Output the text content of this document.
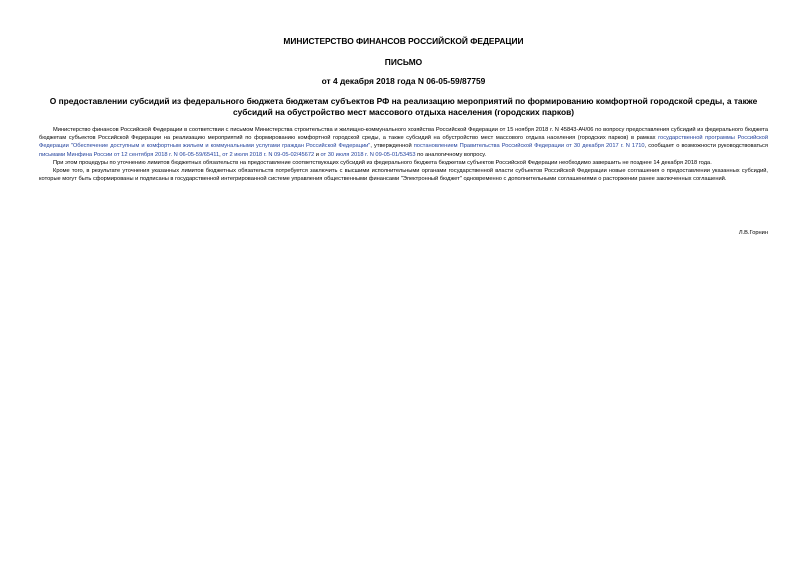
МИНИСТЕРСТВО ФИНАНСОВ РОССИЙСКОЙ ФЕДЕРАЦИИ
ПИСЬМО
от 4 декабря 2018 года N 06-05-59/87759
О предоставлении субсидий из федерального бюджета бюджетам субъектов РФ на реализацию мероприятий по формированию комфортной городской среды, а также субсидий на обустройство мест массового отдыха населения (городских парков)

Министерство финансов Российской Федерации в соответствии с письмом Министерства строительства и жилищно-коммунального хозяйства Российской Федерации от 15 ноября 2018 г. N 45843-АЧ/06 по вопросу предоставления субсидий из федерального бюджета бюджетам субъектов Российской Федерации на реализацию мероприятий по формированию комфортной городской среды, а также субсидий на обустройство мест массового отдыха населения (городских парков) в рамках государственной программы Российской Федерации "Обеспечение доступным и комфортным жильем и коммунальными услугами граждан Российской Федерации", утвержденной постановлением Правительства Российской Федерации от 30 декабря 2017 г. N 1710, сообщает о возможности руководствоваться письмами Минфина России от 12 сентября 2018 г. N 06-05-59/65411, от 2 июля 2018 г. N 09-05-02/45672 и от 30 июля 2018 г. N 09-05-01/53453 по аналогичному вопросу.

При этом процедуры по уточнению лимитов бюджетных обязательств на предоставление соответствующих субсидий из федерального бюджета бюджетам субъектов Российской Федерации необходимо завершить не позднее 14 декабря 2018 года.

Кроме того, в результате уточнения указанных лимитов бюджетных обязательств потребуется заключить с высшими исполнительными органами государственной власти субъектов Российской Федерации новые соглашения о предоставлении указанных субсидий, которые могут быть сформированы и подписаны в государственной интегрированной системе управления общественными финансами "Электронный бюджет" одновременно с дополнительными соглашениями о расторжении ранее заключенных соглашений.

Л.В.Горнин
